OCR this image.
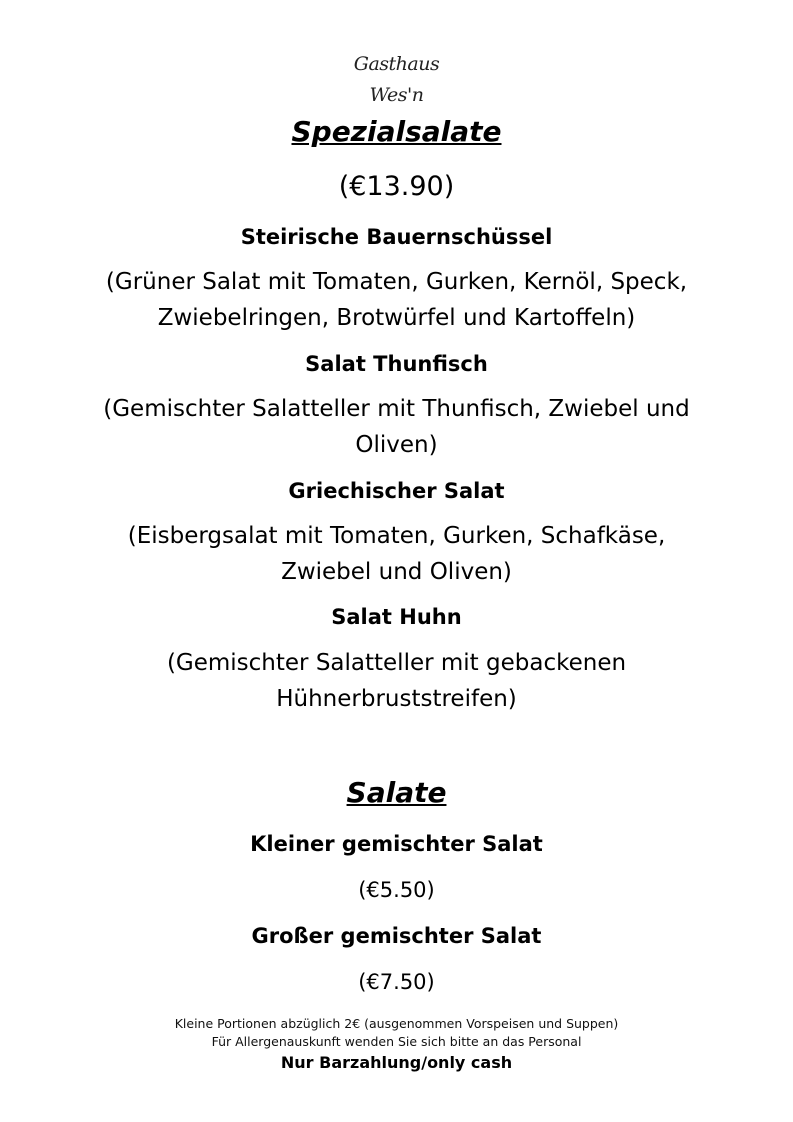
Gasthaus
Wes'n
Spezialsalate
(€13.90)
Steirische Bauernschüssel
(Grüner Salat mit Tomaten, Gurken, Kernöl, Speck,
Zwiebelringen, Brotwürfel und Kartoffeln)
Salat Thunfisch
(Gemischter Salatteller mit Thunfisch, Zwiebel und
Oliven)
Griechischer Salat
(Eisbergsalat mit Tomaten, Gurken, Schafkäse,
Zwiebel und Oliven)
Salat Huhn
(Gemischter Salatteller mit gebackenen
Hühnerbruststreifen)
Salate
Kleiner gemischter Salat
(€5.50)
Großer gemischter Salat
(€7.50)
Kleine Portionen abzüglich 2€ (ausgenommen Vorspeisen und Suppen)
Für Allergenauskunft wenden Sie sich bitte an das Personal
Nur Barzahlung/only cash
